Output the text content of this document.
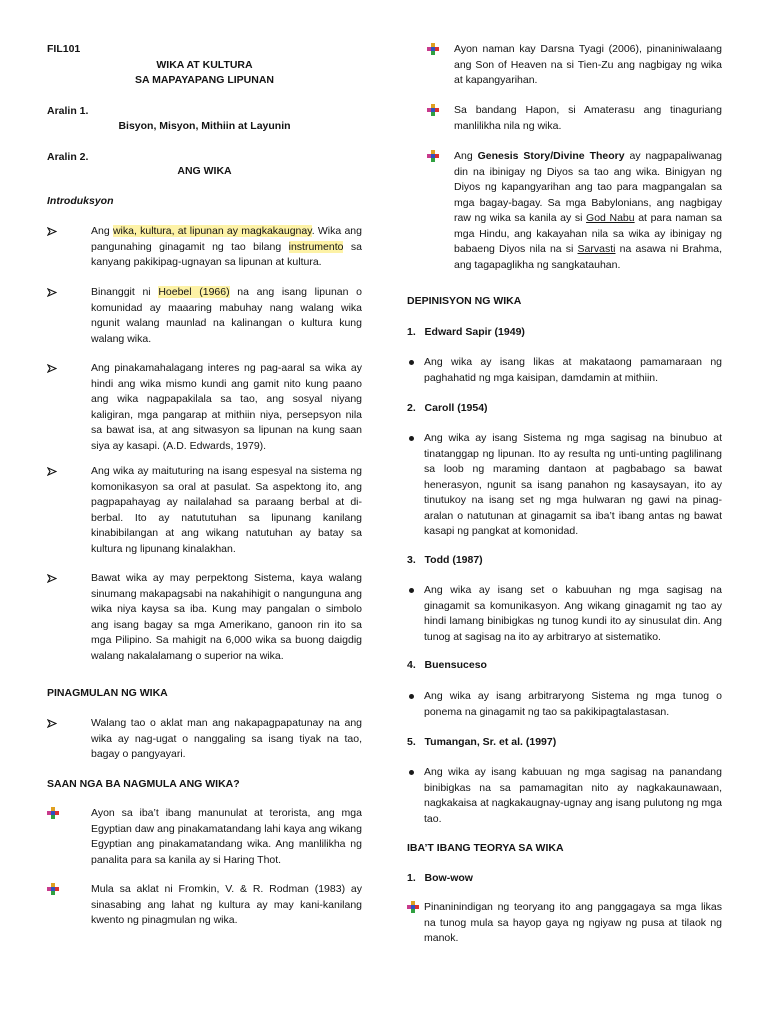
FIL101
WIKA AT KULTURA
SA MAPAYAPANG LIPUNAN
Aralin 1.
Bisyon, Misyon, Mithiin at Layunin
Aralin 2.
ANG WIKA
Introduksyon
Ang wika, kultura, at lipunan ay magkakaugnay. Wika ang pangunahing ginagamit ng tao bilang instrumento sa kanyang pakikipag-ugnayan sa lipunan at kultura.
Binanggit ni Hoebel (1966) na ang isang lipunan o komunidad ay maaaring mabuhay nang walang wika ngunit walang maunlad na kalinangan o kultura kung walang wika.
Ang pinakamahalagang interes ng pag-aaral sa wika ay hindi ang wika mismo kundi ang gamit nito kung paano ang wika nagpapakilala sa tao, ang sosyal niyang kaligiran, mga pangarap at mithiin niya, persepsyon nila sa bawat isa, at ang sitwasyon sa lipunan na kung saan siya ay kasapi. (A.D. Edwards, 1979).
Ang wika ay maituturing na isang espesyal na sistema ng komonikasyon sa oral at pasulat. Sa aspektong ito, ang pagpapahayag ay nailalahad sa paraang berbal at di-berbal. Ito ay natututuhan sa lipunang kanilang kinabibilangan at ang wikang natutuhan ay batay sa kultura ng lipunang kinalakhan.
Bawat wika ay may perpektong Sistema, kaya walang sinumang makapagsabi na nakahihigit o nangunguna ang wika niya kaysa sa iba. Kung may pangalan o simbolo ang isang bagay sa mga Amerikano, ganoon rin ito sa mga Pilipino. Sa mahigit na 6,000 wika sa buong daigdig walang nakalalamang o superior na wika.
PINAGMULAN NG WIKA
Walang tao o aklat man ang nakapagpapatunay na ang wika ay nag-ugat o nanggaling sa isang tiyak na tao, bagay o pangyayari.
SAAN NGA BA NAGMULA ANG WIKA?
Ayon sa iba’t ibang manunulat at terorista, ang mga Egyptian daw ang pinakamatandang lahi kaya ang wikang Egyptian ang pinakamatandang wika. Ang manlilikha ng panalita para sa kanila ay si Haring Thot.
Mula sa aklat ni Fromkin, V. & R. Rodman (1983) ay sinasabing ang lahat ng kultura ay may kani-kanilang kwento ng pinagmulan ng wika.
Ayon naman kay Darsna Tyagi (2006), pinaniniwalaang ang Son of Heaven na si Tien-Zu ang nagbigay ng wika at kapangyarihan.
Sa bandang Hapon, si Amaterasu ang tinaguriang manlilikha nila ng wika.
Ang Genesis Story/Divine Theory ay nagpapaliwanag din na ibinigay ng Diyos sa tao ang wika. Binigyan ng Diyos ng kapangyarihan ang tao para magpangalan sa mga bagay-bagay. Sa mga Babylonians, ang nagbigay raw ng wika sa kanila ay si God Nabu at para naman sa mga Hindu, ang kakayahan nila sa wika ay ibinigay ng babaeng Diyos nila na si Sarvasti na asawa ni Brahma, ang tagapaglikha ng sangkatauhan.
DEPINISYON NG WIKA
1. Edward Sapir (1949)
Ang wika ay isang likas at makataong pamamaraan ng paghahatid ng mga kaisipan, damdamin at mithiin.
2. Caroll (1954)
Ang wika ay isang Sistema ng mga sagisag na binubuo at tinatanggap ng lipunan. Ito ay resulta ng unti-unting paglilinang sa loob ng maraming dantaon at pagbabago sa bawat henerasyon, ngunit sa isang panahon ng kasaysayan, ito ay tinutukoy na isang set ng mga hulwaran ng gawi na pinag-aralan o natutunan at ginagamit sa iba’t ibang antas ng bawat kasapi ng pangkat at komonidad.
3. Todd (1987)
Ang wika ay isang set o kabuuhan ng mga sagisag na ginagamit sa komunikasyon. Ang wikang ginagamit ng tao ay hindi lamang binibigkas ng tunog kundi ito ay sinusulat din. Ang tunog at sagisag na ito ay arbitraryo at sistematiko.
4. Buensuceso
Ang wika ay isang arbitraryong Sistema ng mga tunog o ponema na ginagamit ng tao sa pakikipagtalastasan.
5. Tumangan, Sr. et al. (1997)
Ang wika ay isang kabuuan ng mga sagisag na panandang binibigkas na sa pamamagitan nito ay nagkakaunawaan, nagkakaisa at nagkakaugnay-ugnay ang isang pulutong ng mga tao.
IBA’T IBANG TEORYA SA WIKA
1. Bow-wow
Pinaninindigan ng teoryang ito ang panggagaya sa mga likas na tunog mula sa hayop gaya ng ngiyaw ng pusa at tilaok ng manok.
